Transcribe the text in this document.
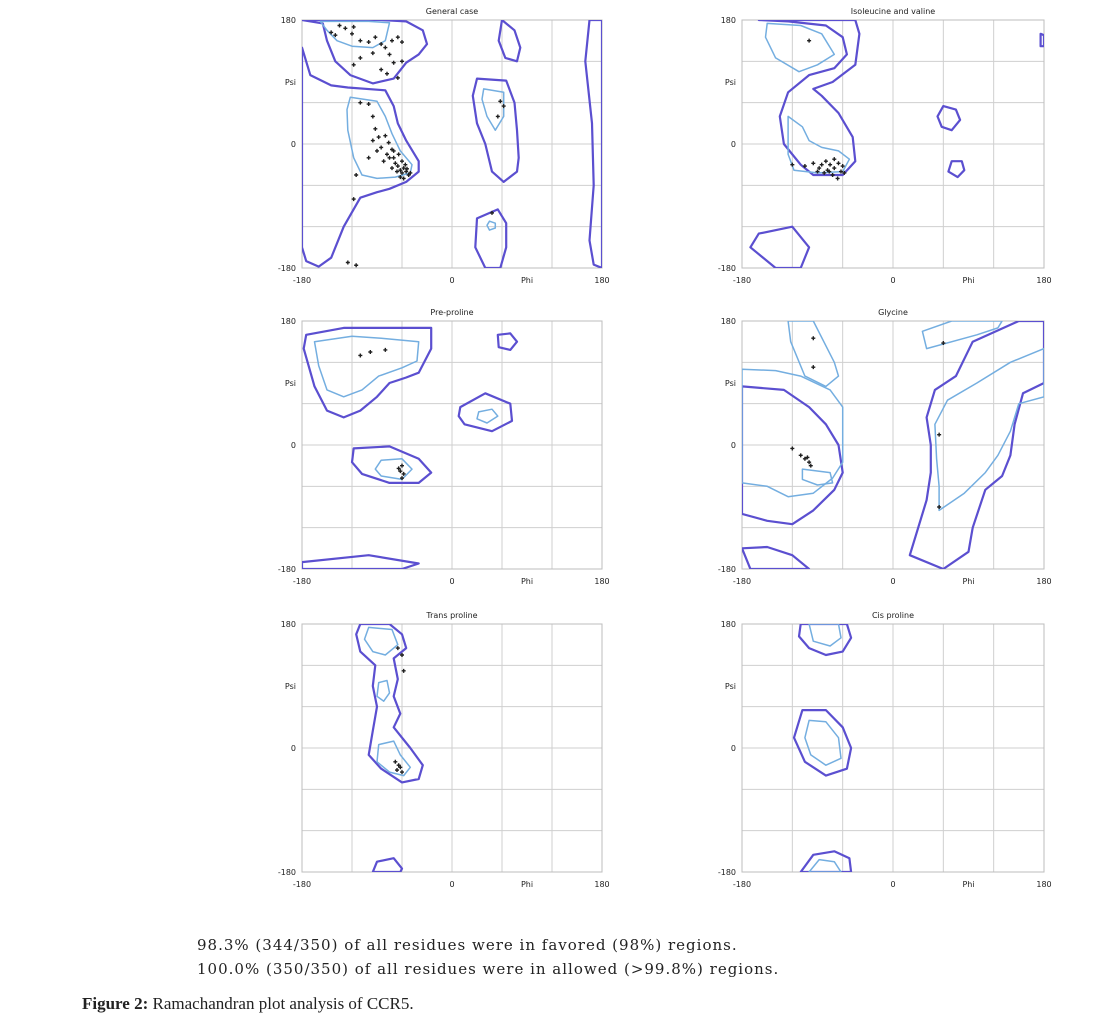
General case
180
Psi
0
-180
-180	0	Phi	180
Isoleucine and valine
180
Psi
0
-180
-180	0	Phi	180
Pre-proline
180
Psi
0
-180
-180	0	Phi	180
Glycine
180
Psi
0
-180
-180	0	Phi	180
Trans proline
180
Psi
0
-180
-180	0	Phi	180
Cis proline
180
Psi
0
-180
-180	0	Phi	180
98.3% (344/350) of all residues were in favored (98%) regions.
100.0% (350/350) of all residues were in allowed (>99.8%) regions.
Figure 2: Ramachandran plot analysis of CCR5.
